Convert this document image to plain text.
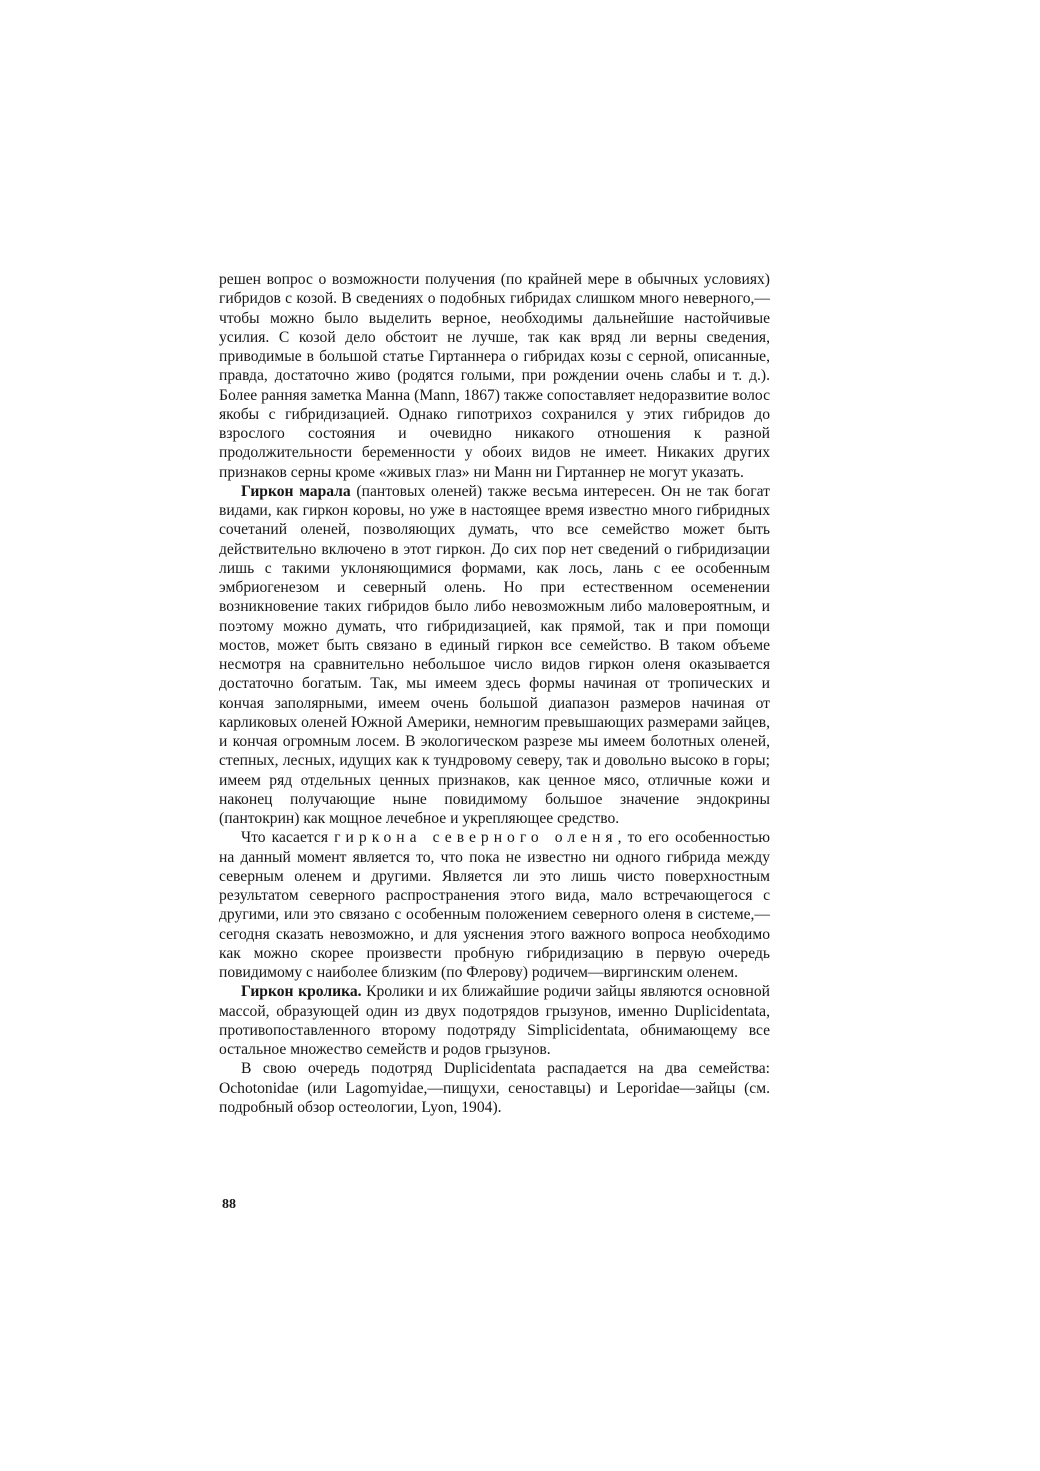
решен вопрос о возможности получения (по крайней мере в обычных условиях) гибридов с козой. В сведениях о подобных гибридах слишком много неверного,—чтобы можно было выделить верное, необходимы дальнейшие настойчивые усилия. С козой дело обстоит не лучше, так как вряд ли верны сведения, приводимые в большой статье Гиртаннера о гибридах козы с серной, описанные, правда, достаточно живо (родятся голыми, при рождении очень слабы и т. д.). Более ранняя заметка Манна (Mann, 1867) также сопоставляет недоразвитие волос якобы с гибридизацией. Однако гипотрихоз сохранился у этих гибридов до взрослого состояния и очевидно никакого отношения к разной продолжительности беременности у обоих видов не имеет. Никаких других признаков серны кроме «живых глаз» ни Манн ни Гиртаннер не могут указать.

Гиркон марала (пантовых оленей) также весьма интересен. Он не так богат видами, как гиркон коровы, но уже в настоящее время известно много гибридных сочетаний оленей, позволяющих думать, что все семейство может быть действительно включено в этот гиркон. До сих пор нет сведений о гибридизации лишь с такими уклоняющимися формами, как лось, лань с ее особенным эмбриогенезом и северный олень. Но при естественном осеменении возникновение таких гибридов было либо невозможным либо маловероятным, и поэтому можно думать, что гибридизацией, как прямой, так и при помощи мостов, может быть связано в единый гиркон все семейство. В таком объеме несмотря на сравнительно небольшое число видов гиркон оленя оказывается достаточно богатым. Так, мы имеем здесь формы начиная от тропических и кончая заполярными, имеем очень большой диапазон размеров начиная от карликовых оленей Южной Америки, немногим превышающих размерами зайцев, и кончая огромным лосем. В экологическом разрезе мы имеем болотных оленей, степных, лесных, идущих как к тундровому северу, так и довольно высоко в горы; имеем ряд отдельных ценных признаков, как ценное мясо, отличные кожи и наконец получающие ныне повидимому большое значение эндокрины (пантокрин) как мощное лечебное и укрепляющее средство.

Что касается гиркона северного оленя, то его особенностью на данный момент является то, что пока не известно ни одного гибрида между северным оленем и другими. Является ли это лишь чисто поверхностным результатом северного распространения этого вида, мало встречающегося с другими, или это связано с особенным положением северного оленя в системе,—сегодня сказать невозможно, и для уяснения этого важного вопроса необходимо как можно скорее произвести пробную гибридизацию в первую очередь повидимому с наиболее близким (по Флерову) родичем—виргинским оленем.

Гиркон кролика. Кролики и их ближайшие родичи зайцы являются основной массой, образующей один из двух подотрядов грызунов, именно Duplicidentata, противопоставленного второму подотряду Simplicidentata, обнимающему все остальное множество семейств и родов грызунов.

В свою очередь подотряд Duplicidentata распадается на два семейства: Ochotonidae (или Lagomyidae,—пищухи, сеноставцы) и Leporidae—зайцы (см. подробный обзор остеологии, Lyon, 1904).

88
